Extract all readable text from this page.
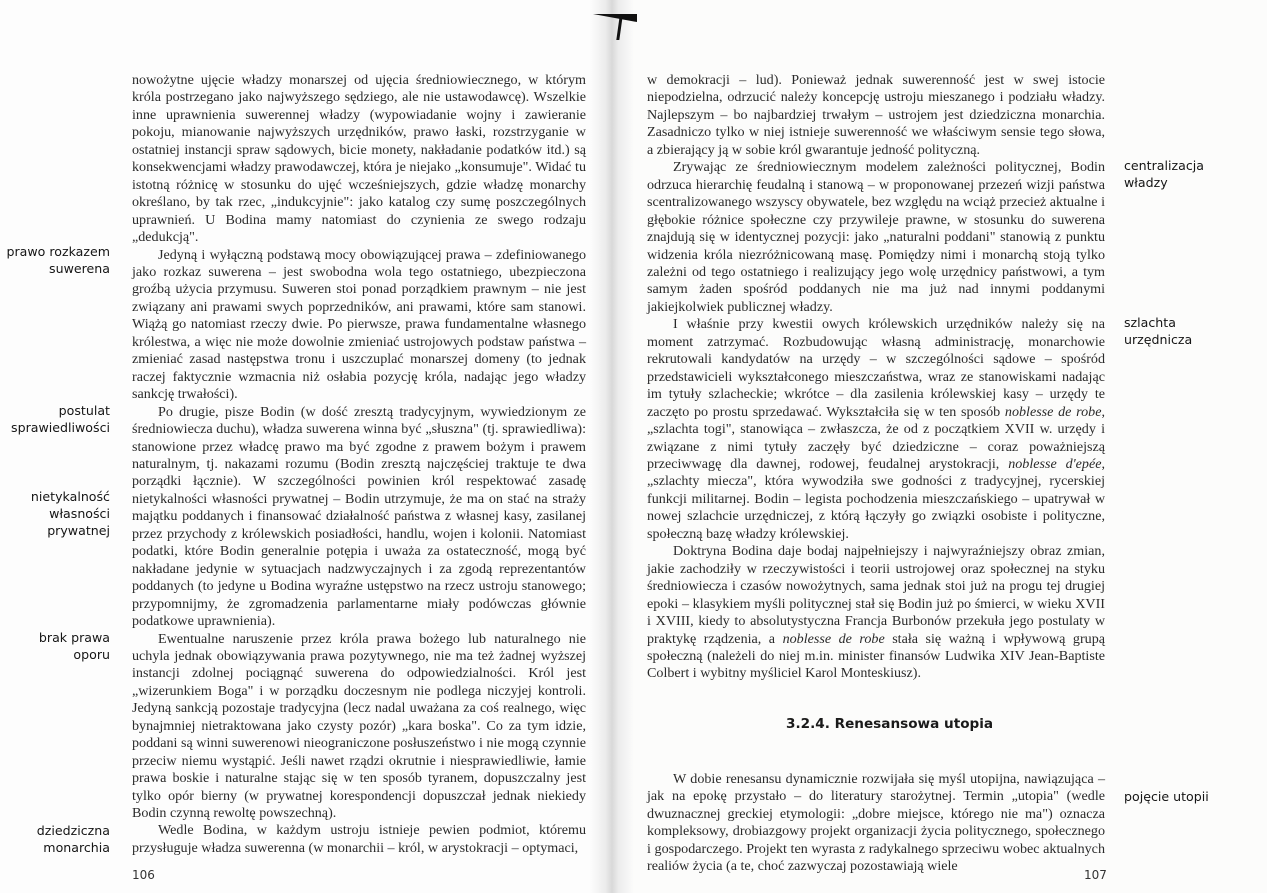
nowożytne ujęcie władzy monarszej od ujęcia średniowiecznego, w którym króla postrzegano jako najwyższego sędziego, ale nie ustawodawcę). Wszelkie inne uprawnienia suwerennej władzy (wypowiadanie wojny i zawieranie pokoju, mianowanie najwyższych urzędników, prawo łaski, rozstrzyganie w ostatniej instancji spraw sądowych, bicie monety, nakładanie podatków itd.) są konsekwencjami władzy prawodawczej, która je niejako „konsumuje". Widać tu istotną różnicę w stosunku do ujęć wcześniejszych, gdzie władzę monarchy określano, by tak rzec, „indukcyjnie": jako katalog czy sumę poszczególnych uprawnień. U Bodina mamy natomiast do czynienia ze swego rodzaju „dedukcją".

Jedyną i wyłączną podstawą mocy obowiązującej prawa – zdefiniowanego jako rozkaz suwerena – jest swobodna wola tego ostatniego, ubezpieczona groźbą użycia przymusu. Suweren stoi ponad porządkiem prawnym – nie jest związany ani prawami swych poprzedników, ani prawami, które sam stanowi. Wiążą go natomiast rzeczy dwie. Po pierwsze, prawa fundamentalne własnego królestwa, a więc nie może dowolnie zmieniać ustrojowych podstaw państwa – zmieniać zasad następstwa tronu i uszczuplać monarszej domeny (to jednak raczej faktycznie wzmacnia niż osłabia pozycję króla, nadając jego władzy sankcję trwałości).

Po drugie, pisze Bodin (w dość zresztą tradycyjnym, wywiedzionym ze średniowiecza duchu), władza suwerena winna być „słuszna" (tj. sprawiedliwa): stanowione przez władcę prawo ma być zgodne z prawem bożym i prawem naturalnym, tj. nakazami rozumu (Bodin zresztą najczęściej traktuje te dwa porządki łącznie). W szczególności powinien król respektować zasadę nietykalności własności prywatnej – Bodin utrzymuje, że ma on stać na straży majątku poddanych i finansować działalność państwa z własnej kasy, zasilanej przez przychody z królewskich posiadłości, handlu, wojen i kolonii. Natomiast podatki, które Bodin generalnie potępia i uważa za ostateczność, mogą być nakładane jedynie w sytuacjach nadzwyczajnych i za zgodą reprezentantów poddanych (to jedyne u Bodina wyraźne ustępstwo na rzecz ustroju stanowego; przypomnijmy, że zgromadzenia parlamentarne miały podówczas głównie podatkowe uprawnienia).

Ewentualne naruszenie przez króla prawa bożego lub naturalnego nie uchyla jednak obowiązywania prawa pozytywnego, nie ma też żadnej wyższej instancji zdolnej pociągnąć suwerena do odpowiedzialności. Król jest „wizerunkiem Boga" i w porządku doczesnym nie podlega niczyjej kontroli. Jedyną sankcją pozostaje tradycyjna (lecz nadal uważana za coś realnego, więc bynajmniej nietraktowana jako czysty pozór) „kara boska". Co za tym idzie, poddani są winni suwerenowi nieograniczone posłuszeństwo i nie mogą czynnie przeciw niemu wystąpić. Jeśli nawet rządzi okrutnie i niesprawiedliwie, łamie prawa boskie i naturalne stając się w ten sposób tyranem, dopuszczalny jest tylko opór bierny (w prywatnej korespondencji dopuszczał jednak niekiedy Bodin czynną rewoltę powszechną).

Wedle Bodina, w każdym ustroju istnieje pewien podmiot, któremu przysługuje władza suwerenna (w monarchii – król, w arystokracji – optymaci,

prawo rozkazem
suwerena
postulat
sprawiedliwości
nietykalność
własności
prywatnej
brak prawa
oporu
dziedziczna
monarchia
106

w demokracji – lud). Ponieważ jednak suwerenność jest w swej istocie niepodzielna, odrzucić należy koncepcję ustroju mieszanego i podziału władzy. Najlepszym – bo najbardziej trwałym – ustrojem jest dziedziczna monarchia. Zasadniczo tylko w niej istnieje suwerenność we właściwym sensie tego słowa, a zbierający ją w sobie król gwarantuje jedność polityczną.

Zrywając ze średniowiecznym modelem zależności politycznej, Bodin odrzuca hierarchię feudalną i stanową – w proponowanej przezeń wizji państwa scentralizowanego wszyscy obywatele, bez względu na wciąż przecież aktualne i głębokie różnice społeczne czy przywileje prawne, w stosunku do suwerena znajdują się w identycznej pozycji: jako „naturalni poddani" stanowią z punktu widzenia króla niezróżnicowaną masę. Pomiędzy nimi i monarchą stoją tylko zależni od tego ostatniego i realizujący jego wolę urzędnicy państwowi, a tym samym żaden spośród poddanych nie ma już nad innymi poddanymi jakiejkolwiek publicznej władzy.

I właśnie przy kwestii owych królewskich urzędników należy się na moment zatrzymać. Rozbudowując własną administrację, monarchowie rekrutowali kandydatów na urzędy – w szczególności sądowe – spośród przedstawicieli wykształconego mieszczaństwa, wraz ze stanowiskami nadając im tytuły szlacheckie; wkrótce – dla zasilenia królewskiej kasy – urzędy te zaczęto po prostu sprzedawać. Wykształciła się w ten sposób noblesse de robe, „szlachta togi", stanowiąca – zwłaszcza, że od z początkiem XVII w. urzędy i związane z nimi tytuły zaczęły być dziedziczne – coraz poważniejszą przeciwwagę dla dawnej, rodowej, feudalnej arystokracji, noblesse d'epée, „szlachty miecza", która wywodziła swe godności z tradycyjnej, rycerskiej funkcji militarnej. Bodin – legista pochodzenia mieszczańskiego – upatrywał w nowej szlachcie urzędniczej, z którą łączyły go związki osobiste i polityczne, społeczną bazę władzy królewskiej.

Doktryna Bodina daje bodaj najpełniejszy i najwyraźniejszy obraz zmian, jakie zachodziły w rzeczywistości i teorii ustrojowej oraz społecznej na styku średniowiecza i czasów nowożytnych, sama jednak stoi już na progu tej drugiej epoki – klasykiem myśli politycznej stał się Bodin już po śmierci, w wieku XVII i XVIII, kiedy to absolutystyczna Francja Burbonów przekuła jego postulaty w praktykę rządzenia, a noblesse de robe stała się ważną i wpływową grupą społeczną (należeli do niej m.in. minister finansów Ludwika XIV Jean-Baptiste Colbert i wybitny myśliciel Karol Monteskiusz).

3.2.4. Renesansowa utopia

W dobie renesansu dynamicznie rozwijała się myśl utopijna, nawiązująca – jak na epokę przystało – do literatury starożytnej. Termin „utopia" (wedle dwuznacznej greckiej etymologii: „dobre miejsce, którego nie ma") oznacza kompleksowy, drobiazgowy projekt organizacji życia politycznego, społecznego i gospodarczego. Projekt ten wyrasta z radykalnego sprzeciwu wobec aktualnych realiów życia (a te, choć zazwyczaj pozostawiają wiele

centralizacja
władzy
szlachta
urzędnicza
pojęcie utopii
107
